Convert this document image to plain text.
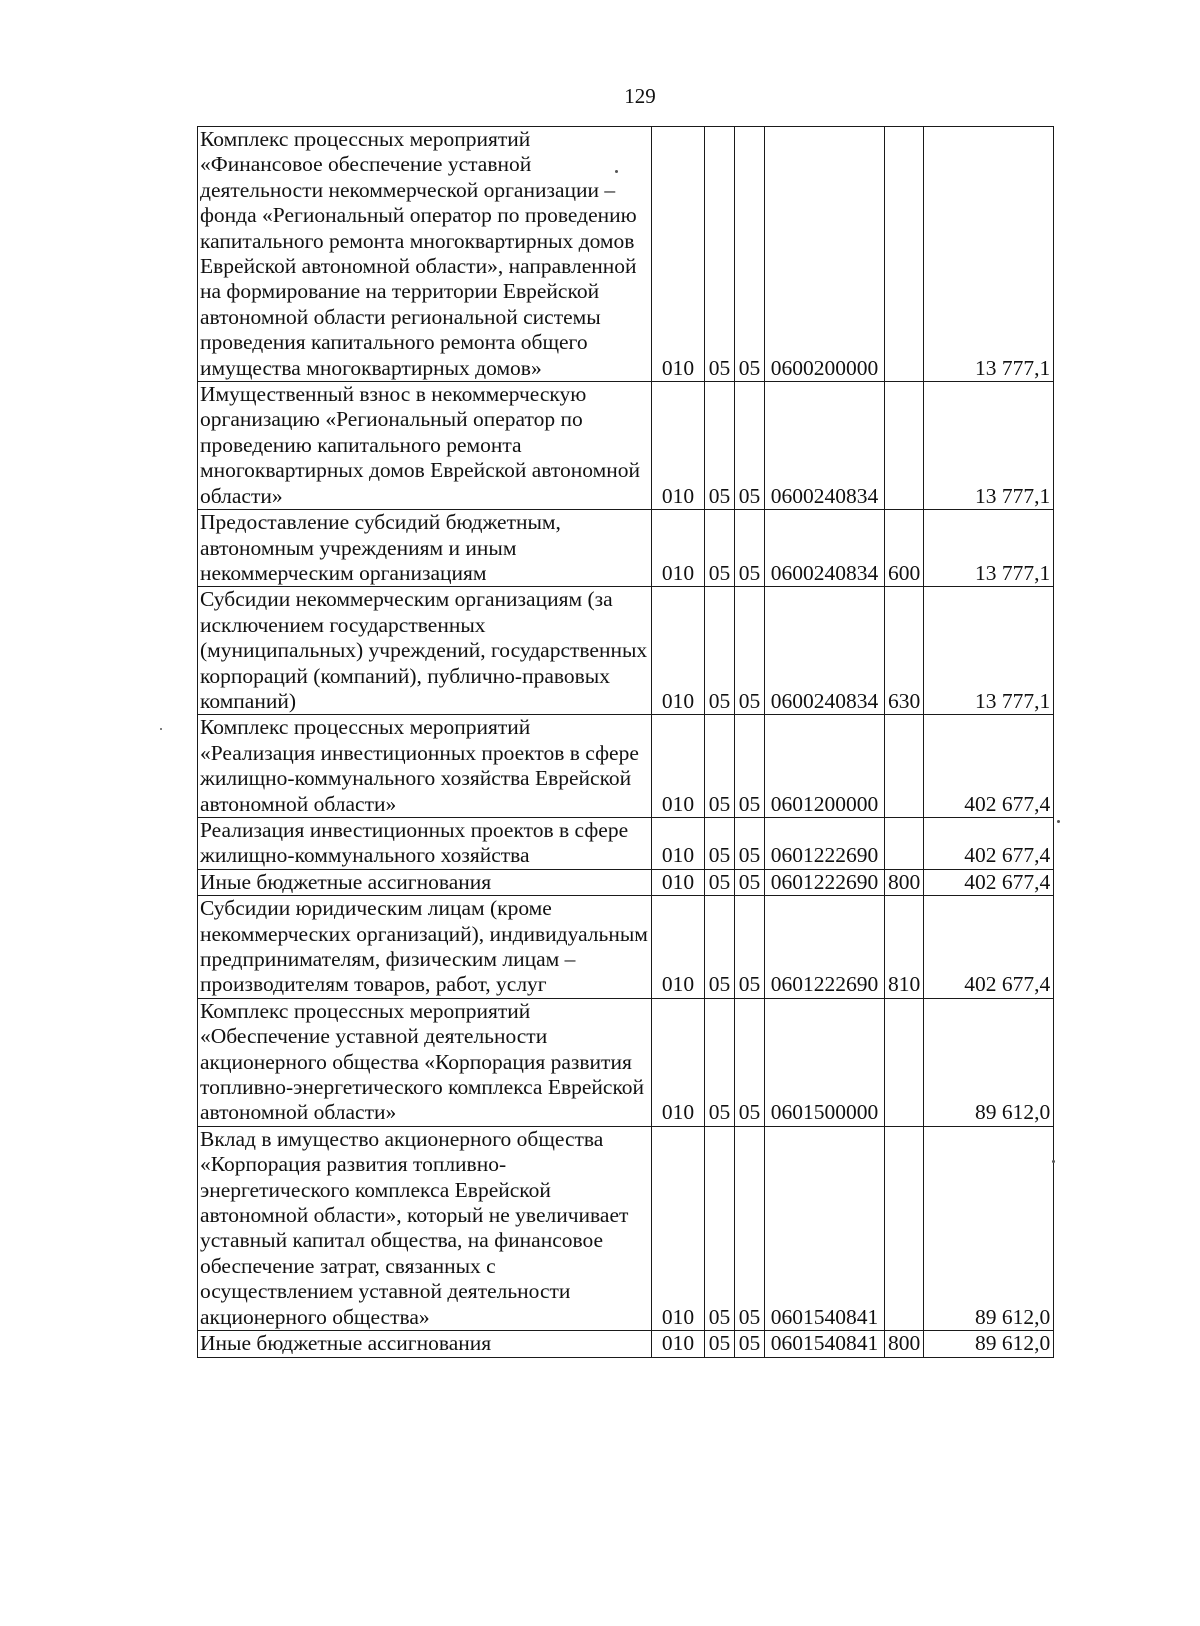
129
Комплекс процессных мероприятий «Финансовое обеспечение уставной деятельности некоммерческой организации – фонда «Региональный оператор по проведению капитального ремонта многоквартирных домов Еврейской автономной области», направленной на формирование на территории Еврейской автономной области региональной системы проведения капитального ремонта общего имущества многоквартирных домов»	010	05	05	0600200000		13 777,1
Имущественный взнос в некоммерческую организацию «Региональный оператор по проведению капитального ремонта многоквартирных домов Еврейской автономной области»	010	05	05	0600240834		13 777,1
Предоставление субсидий бюджетным, автономным учреждениям и иным некоммерческим организациям	010	05	05	0600240834	600	13 777,1
Субсидии некоммерческим организациям (за исключением государственных (муниципальных) учреждений, государственных корпораций (компаний), публично-правовых компаний)	010	05	05	0600240834	630	13 777,1
Комплекс процессных мероприятий «Реализация инвестиционных проектов в сфере жилищно-коммунального хозяйства Еврейской автономной области»	010	05	05	0601200000		402 677,4
Реализация инвестиционных проектов в сфере жилищно-коммунального хозяйства	010	05	05	0601222690		402 677,4
Иные бюджетные ассигнования	010	05	05	0601222690	800	402 677,4
Субсидии юридическим лицам (кроме некоммерческих организаций), индивидуальным предпринимателям, физическим лицам – производителям товаров, работ, услуг	010	05	05	0601222690	810	402 677,4
Комплекс процессных мероприятий «Обеспечение уставной деятельности акционерного общества «Корпорация развития топливно-энергетического комплекса Еврейской автономной области»	010	05	05	0601500000		89 612,0
Вклад в имущество акционерного общества «Корпорация развития топливно-энергетического комплекса Еврейской автономной области», который не увеличивает уставный капитал общества, на финансовое обеспечение затрат, связанных с осуществлением уставной деятельности акционерного общества»	010	05	05	0601540841		89 612,0
Иные бюджетные ассигнования	010	05	05	0601540841	800	89 612,0
